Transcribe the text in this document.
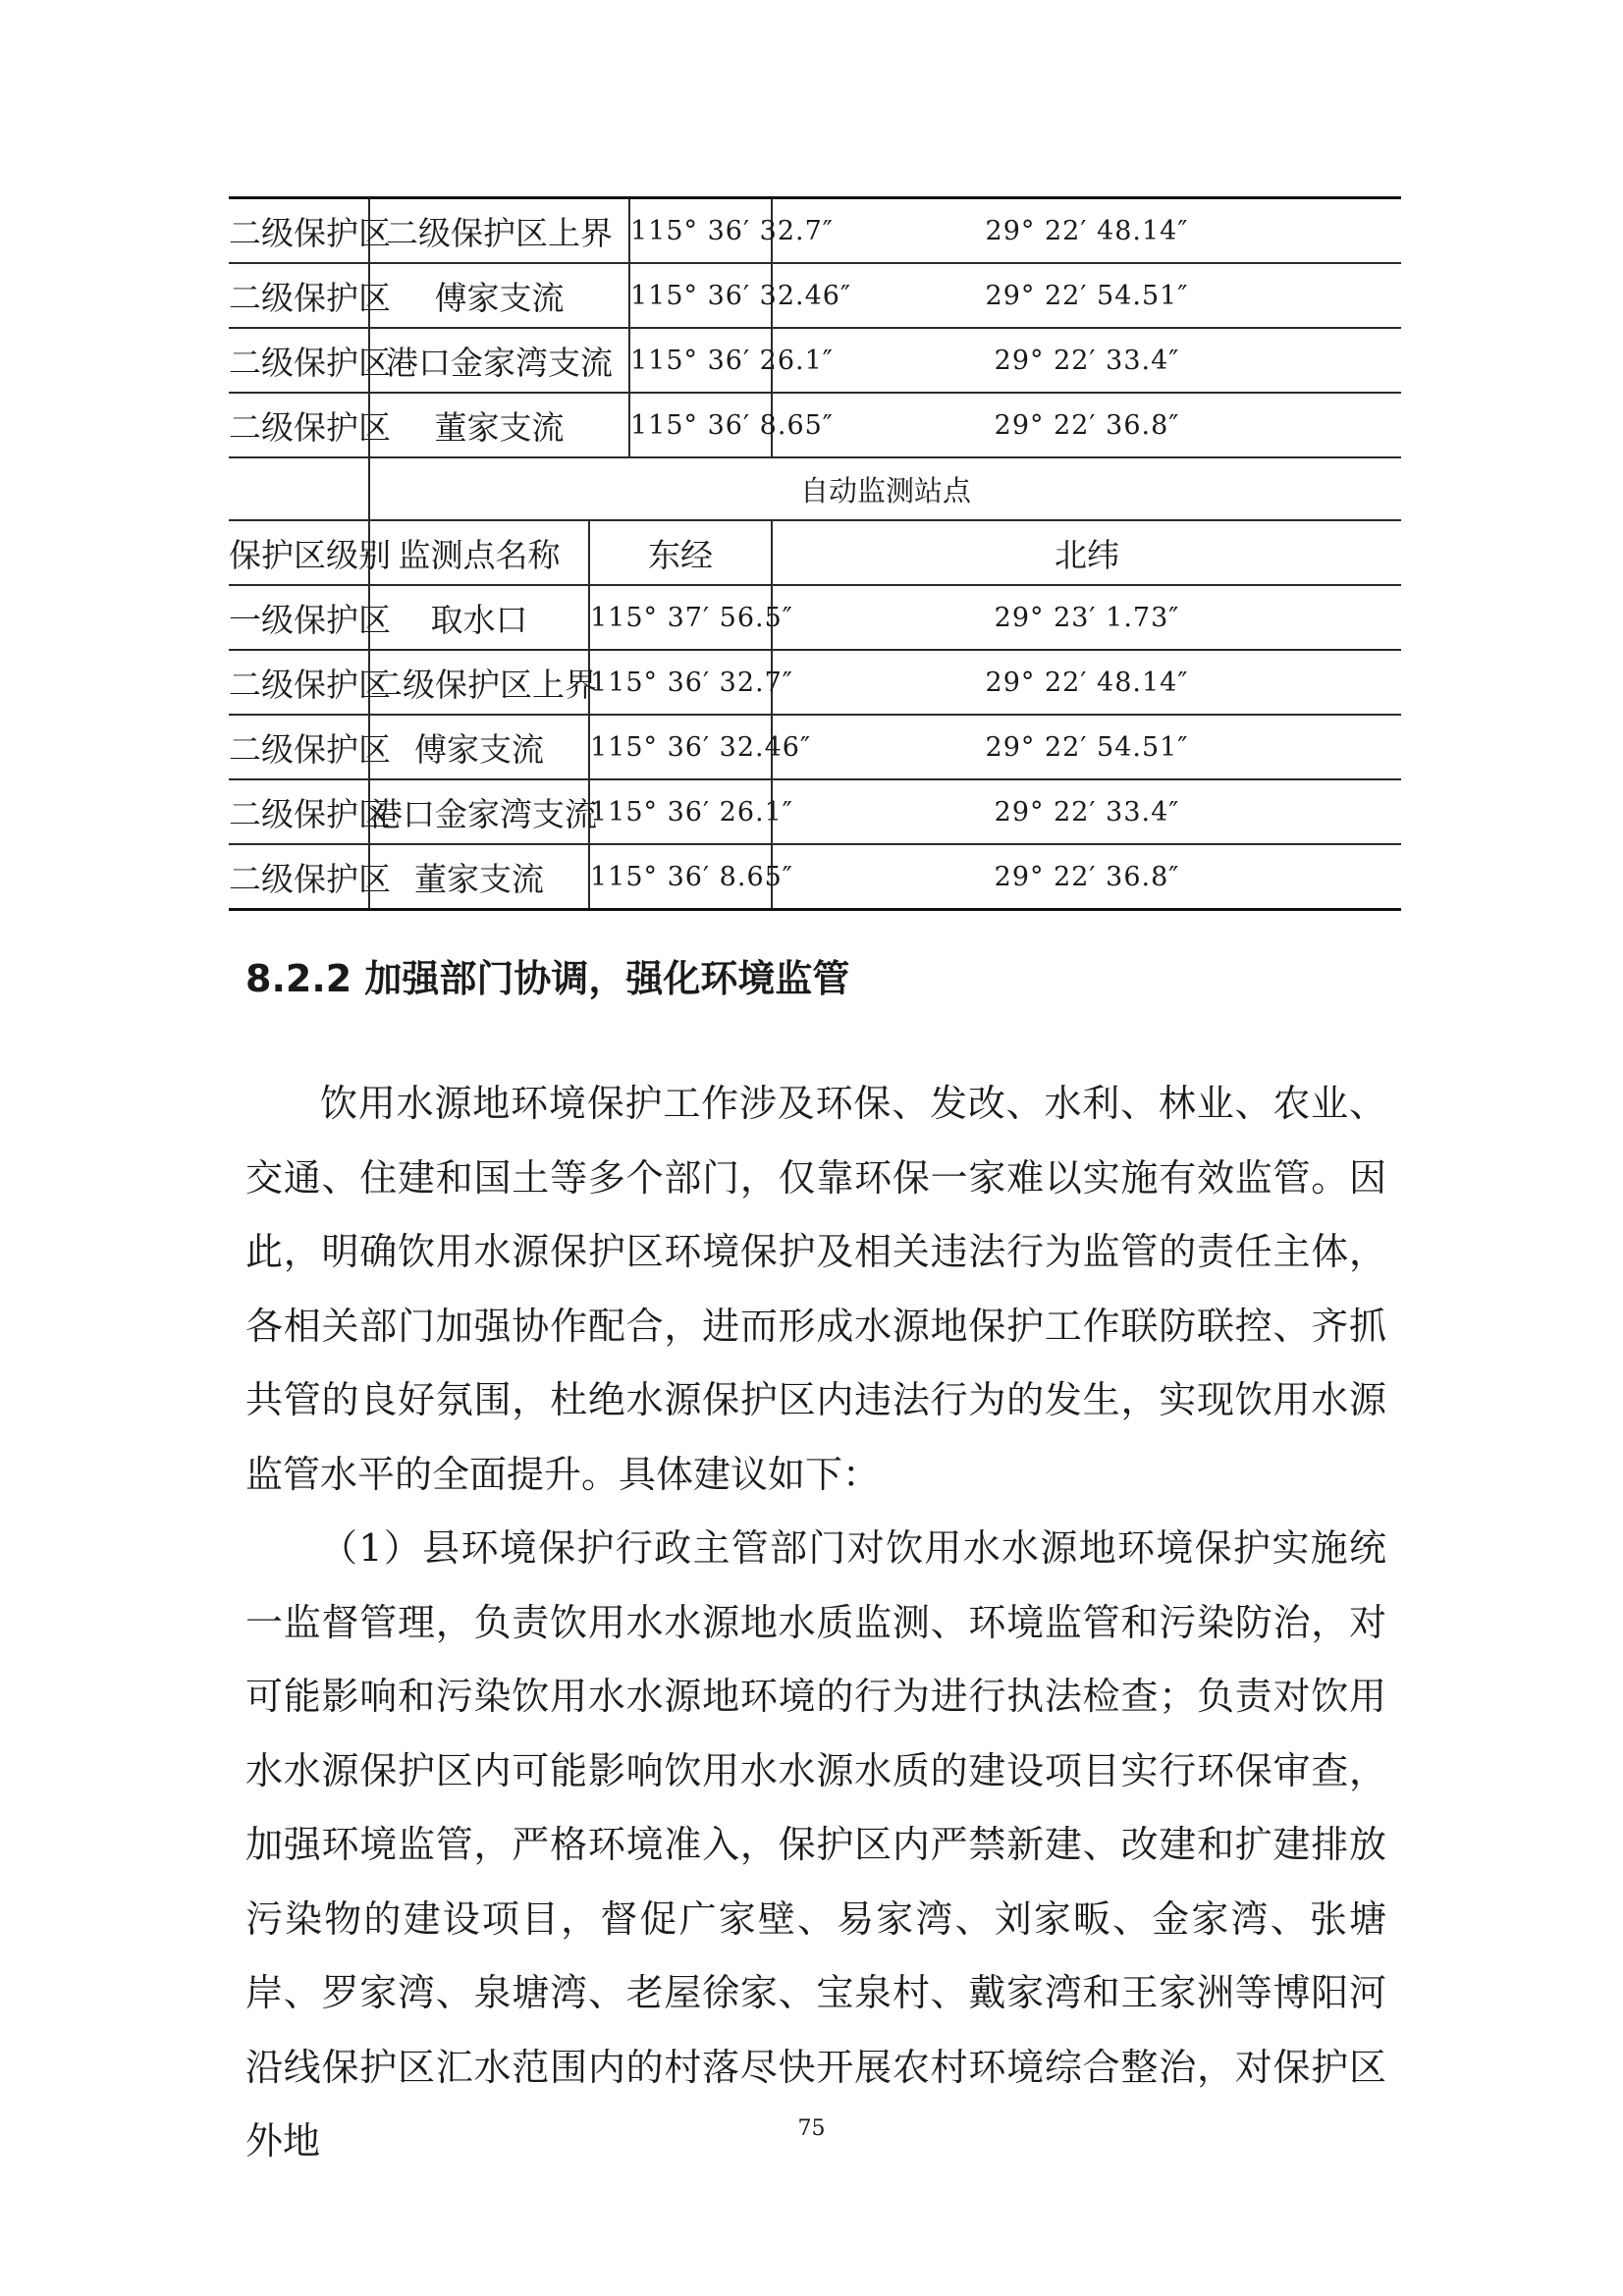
二级保护区	二级保护区上界		115° 36′ 32.7″	29° 22′ 48.14″
二级保护区	傅家支流		115° 36′ 32.46″	29° 22′ 54.51″
二级保护区	港口金家湾支流		115° 36′ 26.1″	29° 22′ 33.4″
二级保护区	董家支流		115° 36′ 8.65″	29° 22′ 36.8″
	自动监测站点			
保护区级别	监测点名称	东经		北纬
一级保护区	取水口	115° 37′ 56.5″		29° 23′ 1.73″
二级保护区	二级保护区上界	115° 36′ 32.7″		29° 22′ 48.14″
二级保护区	傅家支流	115° 36′ 32.46″		29° 22′ 54.51″
二级保护区	港口金家湾支流	115° 36′ 26.1″		29° 22′ 33.4″
二级保护区	董家支流	115° 36′ 8.65″		29° 22′ 36.8″
8.2.2 加强部门协调，强化环境监管

饮用水源地环境保护工作涉及环保、发改、水利、林业、农业、交通、住建和国土等多个部门，仅靠环保一家难以实施有效监管。因此，明确饮用水源保护区环境保护及相关违法行为监管的责任主体，各相关部门加强协作配合，进而形成水源地保护工作联防联控、齐抓共管的良好氛围，杜绝水源保护区内违法行为的发生，实现饮用水源监管水平的全面提升。具体建议如下：

（1）县环境保护行政主管部门对饮用水水源地环境保护实施统一监督管理，负责饮用水水源地水质监测、环境监管和污染防治，对可能影响和污染饮用水水源地环境的行为进行执法检查；负责对饮用水水源保护区内可能影响饮用水水源水质的建设项目实行环保审查，加强环境监管，严格环境准入，保护区内严禁新建、改建和扩建排放污染物的建设项目，督促广家壁、易家湾、刘家畈、金家湾、张塘岸、罗家湾、泉塘湾、老屋徐家、宝泉村、戴家湾和王家洲等博阳河沿线保护区汇水范围内的村落尽快开展农村环境综合整治，对保护区外地	75
